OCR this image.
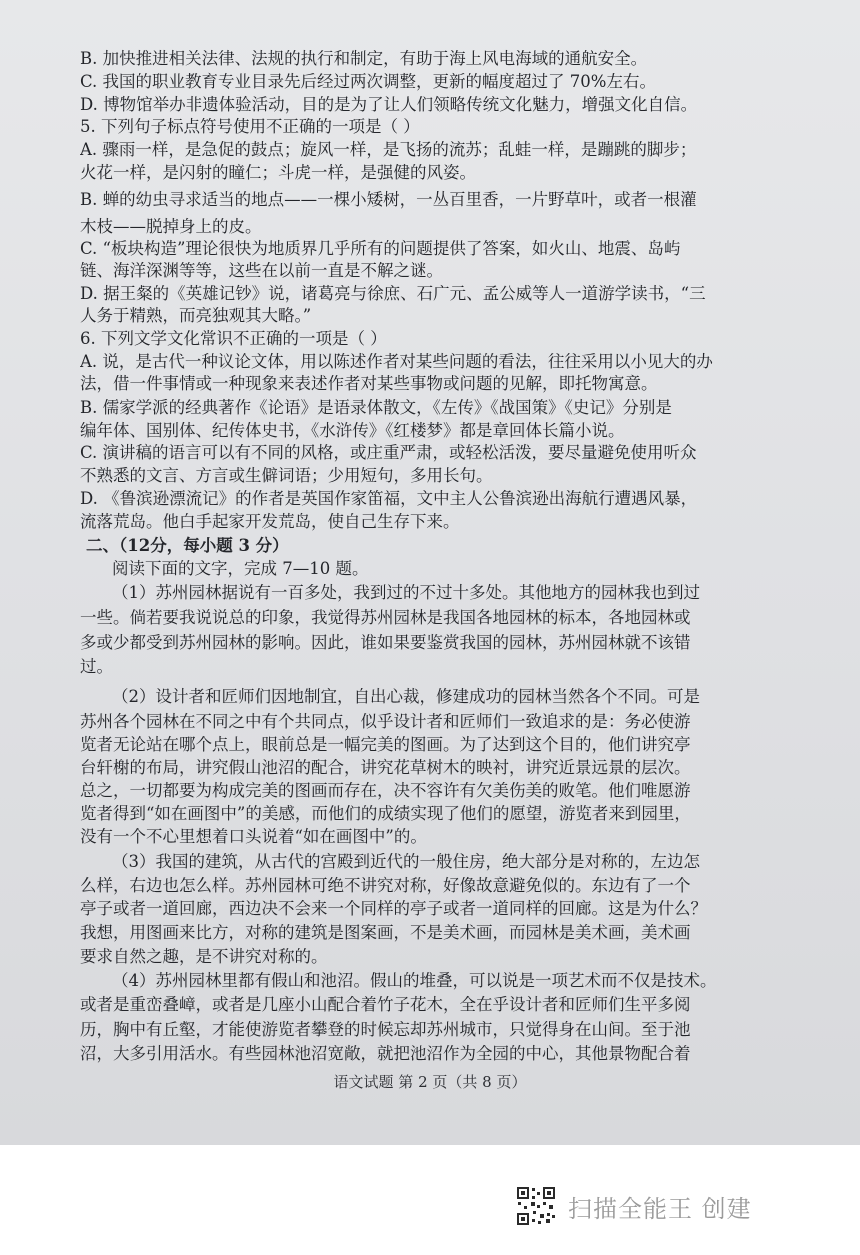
B. 加快推进相关法律、法规的执行和制定，有助于海上风电海域的通航安全。
C. 我国的职业教育专业目录先后经过两次调整，更新的幅度超过了 70%左右。
D. 博物馆举办非遗体验活动，目的是为了让人们领略传统文化魅力，增强文化自信。
5. 下列句子标点符号使用不正确的一项是（ ）
A. 骤雨一样，是急促的鼓点；旋风一样，是飞扬的流苏；乱蛙一样，是蹦跳的脚步；
火花一样，是闪射的瞳仁；斗虎一样，是强健的风姿。
B. 蝉的幼虫寻求适当的地点——一棵小矮树，一丛百里香，一片野草叶，或者一根灌
木枝——脱掉身上的皮。
C. “板块构造”理论很快为地质界几乎所有的问题提供了答案，如火山、地震、岛屿
链、海洋深渊等等，这些在以前一直是不解之谜。
D. 据王粲的《英雄记钞》说，诸葛亮与徐庶、石广元、孟公威等人一道游学读书，“三
人务于精熟，而亮独观其大略。”
6. 下列文学文化常识不正确的一项是（ ）
A. 说，是古代一种议论文体，用以陈述作者对某些问题的看法，往往采用以小见大的办
法，借一件事情或一种现象来表述作者对某些事物或问题的见解，即托物寓意。
B. 儒家学派的经典著作《论语》是语录体散文，《左传》《战国策》《史记》分别是
编年体、国别体、纪传体史书，《水浒传》《红楼梦》都是章回体长篇小说。
C. 演讲稿的语言可以有不同的风格，或庄重严肃，或轻松活泼，要尽量避免使用听众
不熟悉的文言、方言或生僻词语；少用短句，多用长句。
D. 《鲁滨逊漂流记》的作者是英国作家笛福，文中主人公鲁滨逊出海航行遭遇风暴，
流落荒岛。他白手起家开发荒岛，使自己生存下来。
二、（12分，每小题 3 分）
阅读下面的文字，完成 7—10 题。
（1）苏州园林据说有一百多处，我到过的不过十多处。其他地方的园林我也到过
一些。倘若要我说说总的印象，我觉得苏州园林是我国各地园林的标本，各地园林或
多或少都受到苏州园林的影响。因此，谁如果要鉴赏我国的园林，苏州园林就不该错
过。
（2）设计者和匠师们因地制宜，自出心裁，修建成功的园林当然各个不同。可是
苏州各个园林在不同之中有个共同点，似乎设计者和匠师们一致追求的是：务必使游
览者无论站在哪个点上，眼前总是一幅完美的图画。为了达到这个目的，他们讲究亭
台轩榭的布局，讲究假山池沼的配合，讲究花草树木的映衬，讲究近景远景的层次。
总之，一切都要为构成完美的图画而存在，决不容许有欠美伤美的败笔。他们唯愿游
览者得到“如在画图中”的美感，而他们的成绩实现了他们的愿望，游览者来到园里，
没有一个不心里想着口头说着“如在画图中”的。
（3）我国的建筑，从古代的宫殿到近代的一般住房，绝大部分是对称的，左边怎
么样，右边也怎么样。苏州园林可绝不讲究对称，好像故意避免似的。东边有了一个
亭子或者一道回廊，西边决不会来一个同样的亭子或者一道同样的回廊。这是为什么？
我想，用图画来比方，对称的建筑是图案画，不是美术画，而园林是美术画，美术画
要求自然之趣，是不讲究对称的。
（4）苏州园林里都有假山和池沼。假山的堆叠，可以说是一项艺术而不仅是技术。
或者是重峦叠嶂，或者是几座小山配合着竹子花木，全在乎设计者和匠师们生平多阅
历，胸中有丘壑，才能使游览者攀登的时候忘却苏州城市，只觉得身在山间。至于池
沼，大多引用活水。有些园林池沼宽敞，就把池沼作为全园的中心，其他景物配合着
语文试题 第 2 页（共 8 页）
扫描全能王 创建
